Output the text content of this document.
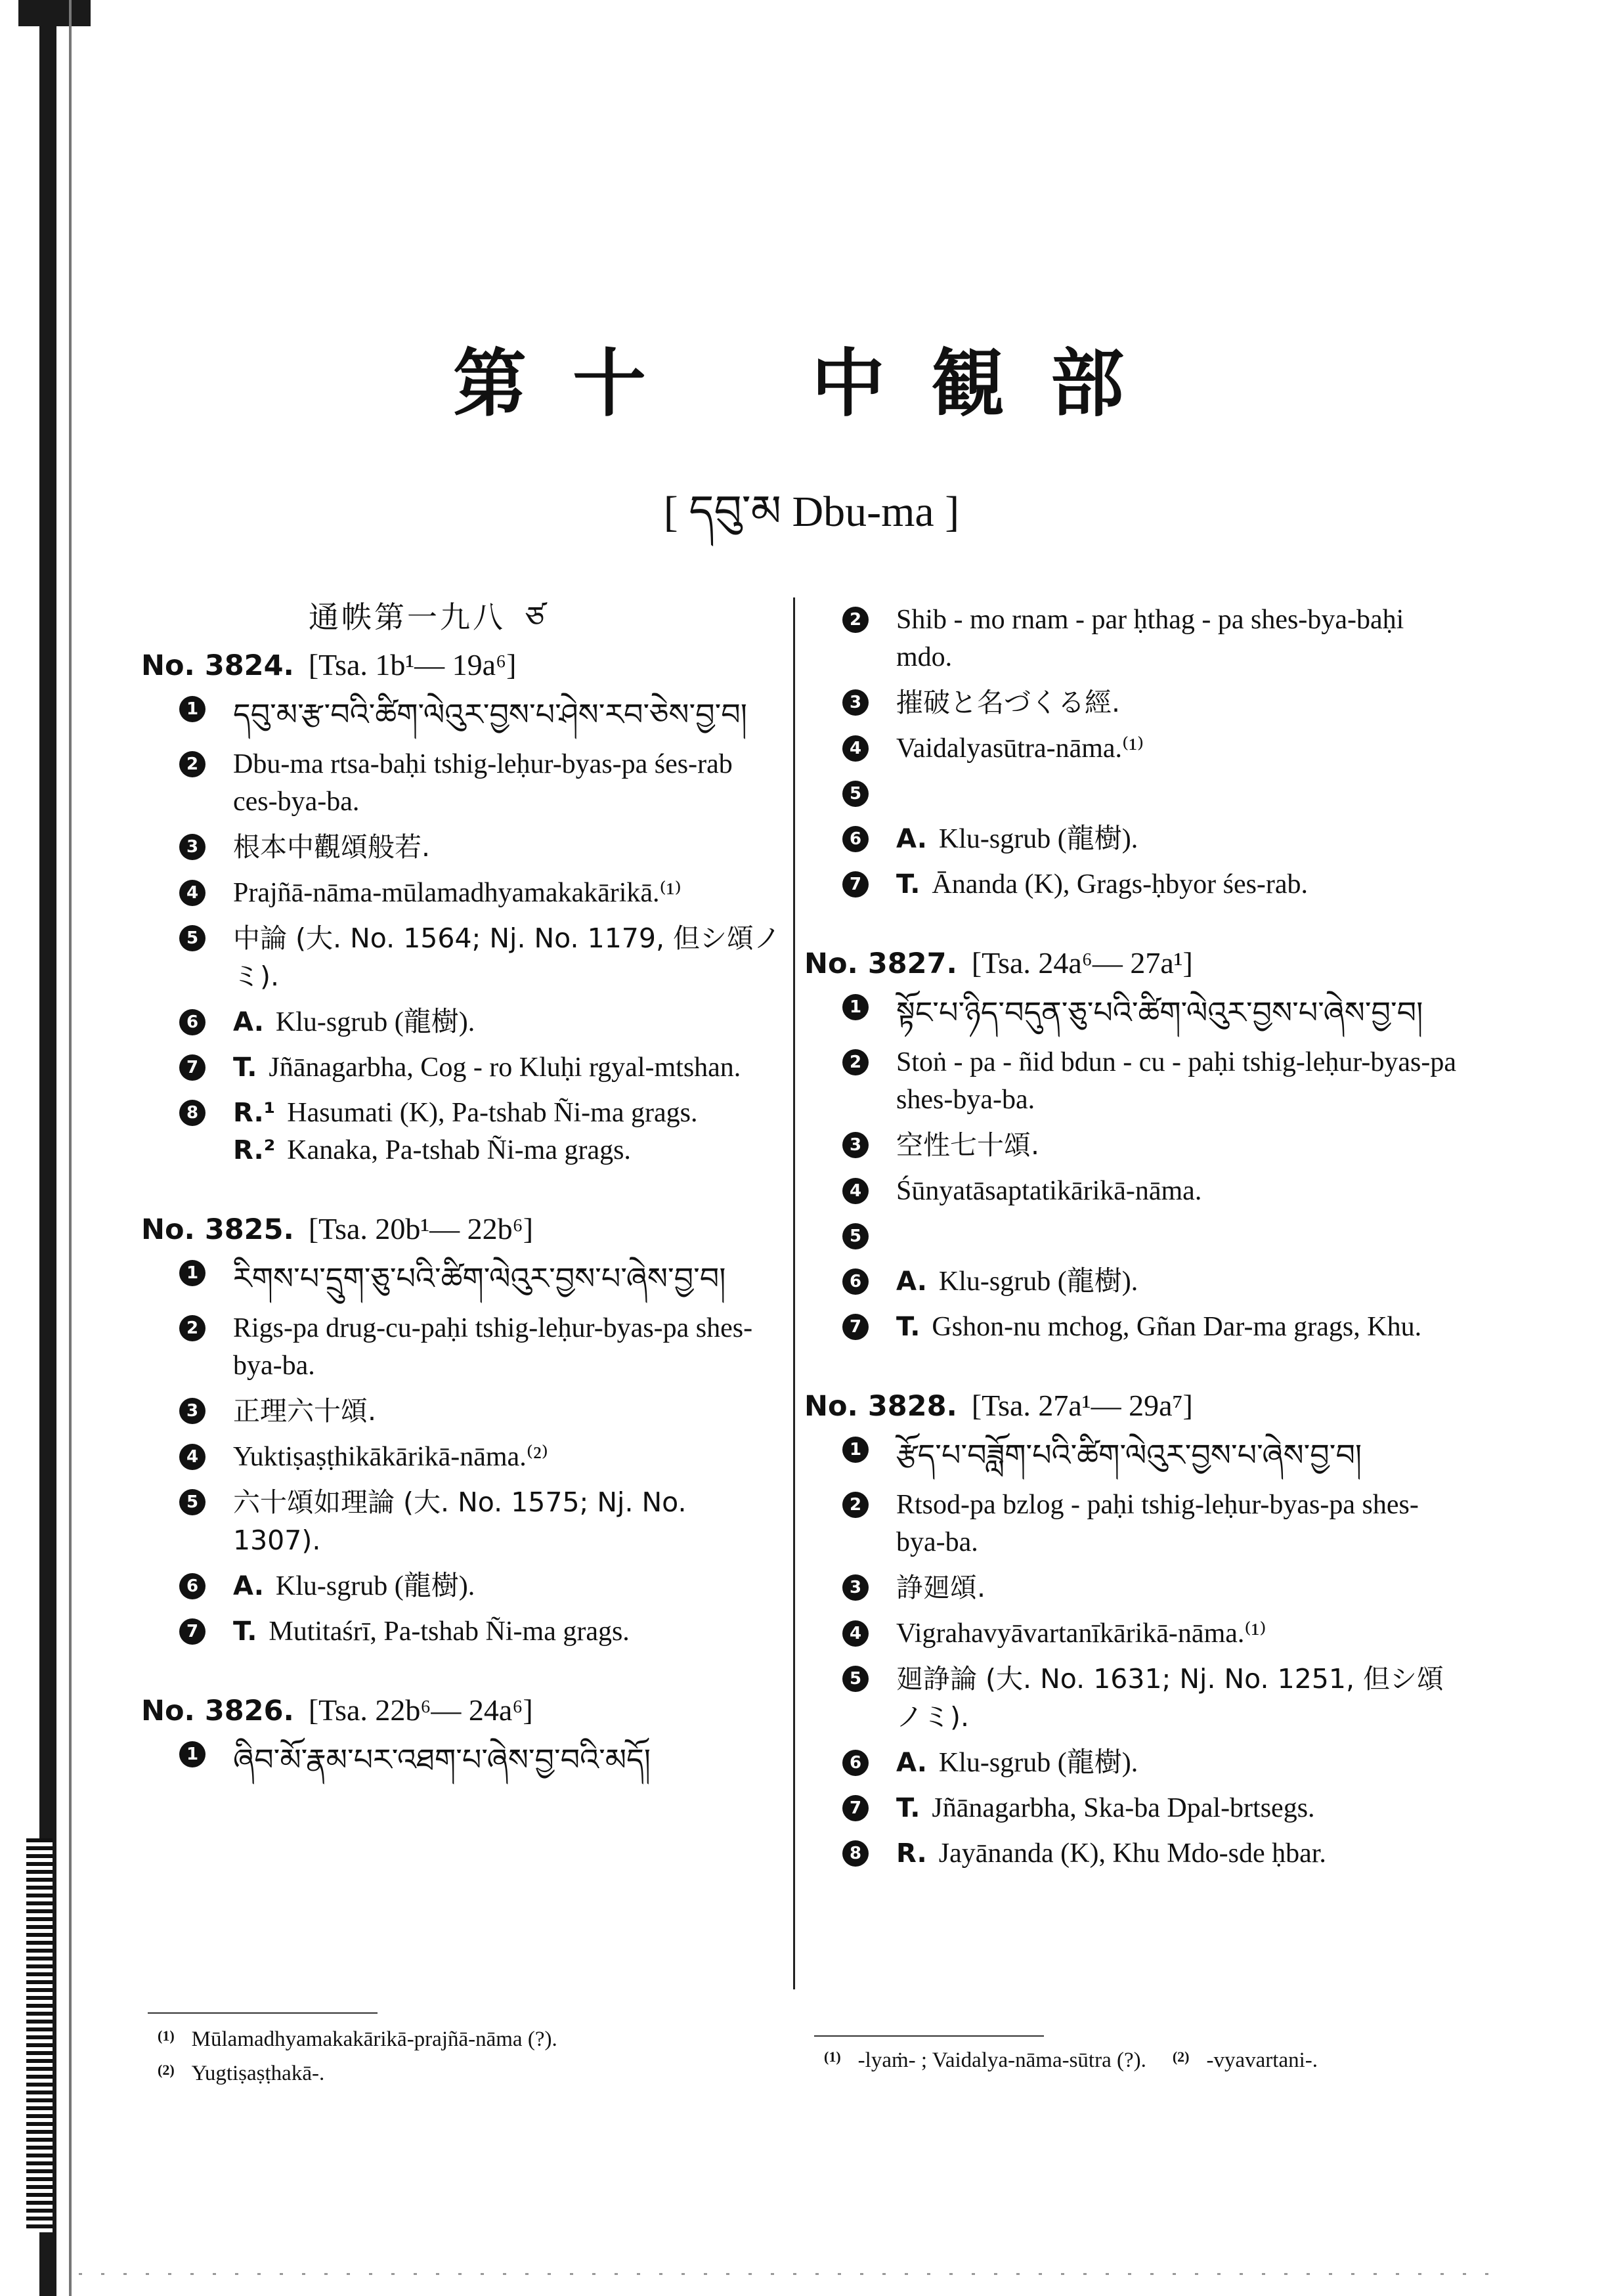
第十　中観部
[ དབུ་མ Dbu-ma ]
通帙第一九八 ཙ
No. 3824. [Tsa. 1b¹— 19a⁶]
1 དབུ་མ་རྩ་བའི་ཚིག་ལེའུར་བྱས་པ་ཤེས་རབ་ཅེས་བྱ་བ།
2 Dbu-ma rtsa-baḥi tshig-leḥur-byas-pa śes-rab ces-bya-ba.
3 根本中觀頌般若.
4 Prajñā-nāma-mūlamadhyamakakārikā.⁽¹⁾
5 中論 (大. No. 1564; Nj. No. 1179, 但シ頌ノミ).
6 A. Klu-sgrub (龍樹).
7 T. Jñānagarbha, Cog - ro Kluḥi rgyal-mtshan.
8 R.¹ Hasumati (K), Pa-tshab Ñi-ma grags.
R.² Kanaka, Pa-tshab Ñi-ma grags.
No. 3825. [Tsa. 20b¹— 22b⁶]
1 རིགས་པ་དྲུག་ཅུ་པའི་ཚིག་ལེའུར་བྱས་པ་ཞེས་བྱ་བ།
2 Rigs-pa drug-cu-paḥi tshig-leḥur-byas-pa shes-bya-ba.
3 正理六十頌.
4 Yuktiṣaṣṭhikākārikā-nāma.⁽²⁾
5 六十頌如理論 (大. No. 1575; Nj. No. 1307).
6 A. Klu-sgrub (龍樹).
7 T. Mutitaśrī, Pa-tshab Ñi-ma grags.
No. 3826. [Tsa. 22b⁶— 24a⁶]
1 ཞིབ་མོ་རྣམ་པར་འཐག་པ་ཞེས་བྱ་བའི་མདོ།
2 Shib - mo rnam - par ḥthag - pa shes-bya-baḥi mdo.
3 摧破と名づくる經.
4 Vaidalyasūtra-nāma.⁽¹⁾
5
6 A. Klu-sgrub (龍樹).
7 T. Ānanda (K), Grags-ḥbyor śes-rab.
No. 3827. [Tsa. 24a⁶— 27a¹]
1 སྟོང་པ་ཉིད་བདུན་ཅུ་པའི་ཚིག་ལེའུར་བྱས་པ་ཞེས་བྱ་བ།
2 Stoṅ - pa - ñid bdun - cu - paḥi tshig-leḥur-byas-pa shes-bya-ba.
3 空性七十頌.
4 Śūnyatāsaptatikārikā-nāma.
5
6 A. Klu-sgrub (龍樹).
7 T. Gshon-nu mchog, Gñan Dar-ma grags, Khu.
No. 3828. [Tsa. 27a¹— 29a⁷]
1 རྩོད་པ་བཟློག་པའི་ཚིག་ལེའུར་བྱས་པ་ཞེས་བྱ་བ།
2 Rtsod-pa bzlog - paḥi tshig-leḥur-byas-pa shes-bya-ba.
3 諍廻頌.
4 Vigrahavyāvartanīkārikā-nāma.⁽¹⁾
5 廻諍論 (大. No. 1631; Nj. No. 1251, 但シ頌ノミ).
6 A. Klu-sgrub (龍樹).
7 T. Jñānagarbha, Ska-ba Dpal-brtsegs.
8 R. Jayānanda (K), Khu Mdo-sde ḥbar.
$^{(1)}$ Mūlamadhyamakakārikā-prajñā-nāma (?).
$^{(2)}$ Yugtiṣaṣṭhakā-.
$^{(1)}$ -lyaṁ- ; Vaidalya-nāma-sūtra (?). $^{(2)}$ -vyavartani-.
